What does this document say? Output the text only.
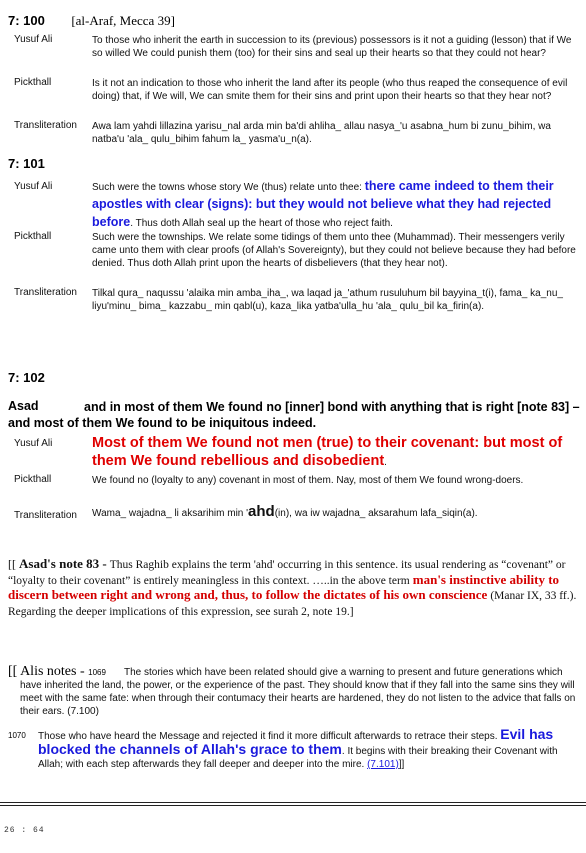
7: 100 [al-Araf, Mecca 39]
Yusuf Ali	To those who inherit the earth in succession to its (previous) possessors is it not a guiding (lesson) that if We so willed We could punish them (too) for their sins and seal up their hearts so that they could not hear?
Pickthall	Is it not an indication to those who inherit the land after its people (who thus reaped the consequence of evil doing) that, if We will, We can smite them for their sins and print upon their hearts so that they hear not?
Transliteration Awa lam yahdi lillazina yarisu_nal arda min ba'di ahliha_ allau nasya_'u asabna_hum bi zunu_bihim, wa natba'u 'ala_ qulu_bihim fahum la_ yasma'u_n(a).
7: 101
Yusuf Ali	Such were the towns whose story We (thus) relate unto thee: there came indeed to them their apostles with clear (signs): but they would not believe what they had rejected before. Thus doth Allah seal up the heart of those who reject faith.
Pickthall	Such were the townships. We relate some tidings of them unto thee (Muhammad). Their messengers verily came unto them with clear proofs (of Allah's Sovereignty), but they could not believe because they had before denied. Thus doth Allah print upon the hearts of disbelievers (that they hear not).
Transliteration Tilkal qura_ naqussu 'alaika min amba_iha_, wa laqad ja_'athum rusuluhum bil bayyina_t(i), fama_ ka_nu_ liyu'minu_ bima_ kazzabu_ min qabl(u), kaza_lika yatba'ulla_hu 'ala_ qulu_bil ka_firin(a).
7: 102
Asad	and in most of them We found no [inner] bond with anything that is right [note 83] – and most of them We found to be iniquitous indeed.
Yusuf Ali	Most of them We found not men (true) to their covenant: but most of them We found rebellious and disobedient.
Pickthall	We found no (loyalty to any) covenant in most of them. Nay, most of them We found wrong-doers.
Transliteration Wama_ wajadna_ li aksarihim min 'ahd(in), wa iw wajadna_ aksarahum lafa_siqin(a).
[[ Asad's note 83 - Thus Raghib explains the term 'ahd' occurring in this sentence. its usual rendering as “covenant” or “loyalty to their covenant” is entirely meaningless in this context. …..in the above term man's instinctive ability to discern between right and wrong and, thus, to follow the dictates of his own conscience (Manar IX, 33 ff.). Regarding the deeper implications of this expression, see surah 2, note 19.]
[[ Alis notes - 1069	The stories which have been related should give a warning to present and future generations which have inherited the land, the power, or the experience of the past. They should know that if they fall into the same sins they will meet with the same fate: when through their contumacy their hearts are hardened, they do not listen to the advice that falls on their ears. (7.100)
1070 Those who have heard the Message and rejected it find it more difficult afterwards to retrace their steps. Evil has blocked the channels of Allah's grace to them. It begins with their breaking their Covenant with Allah; with each step afterwards they fall deeper and deeper into the mire. (7.101)]]
26 : 64
